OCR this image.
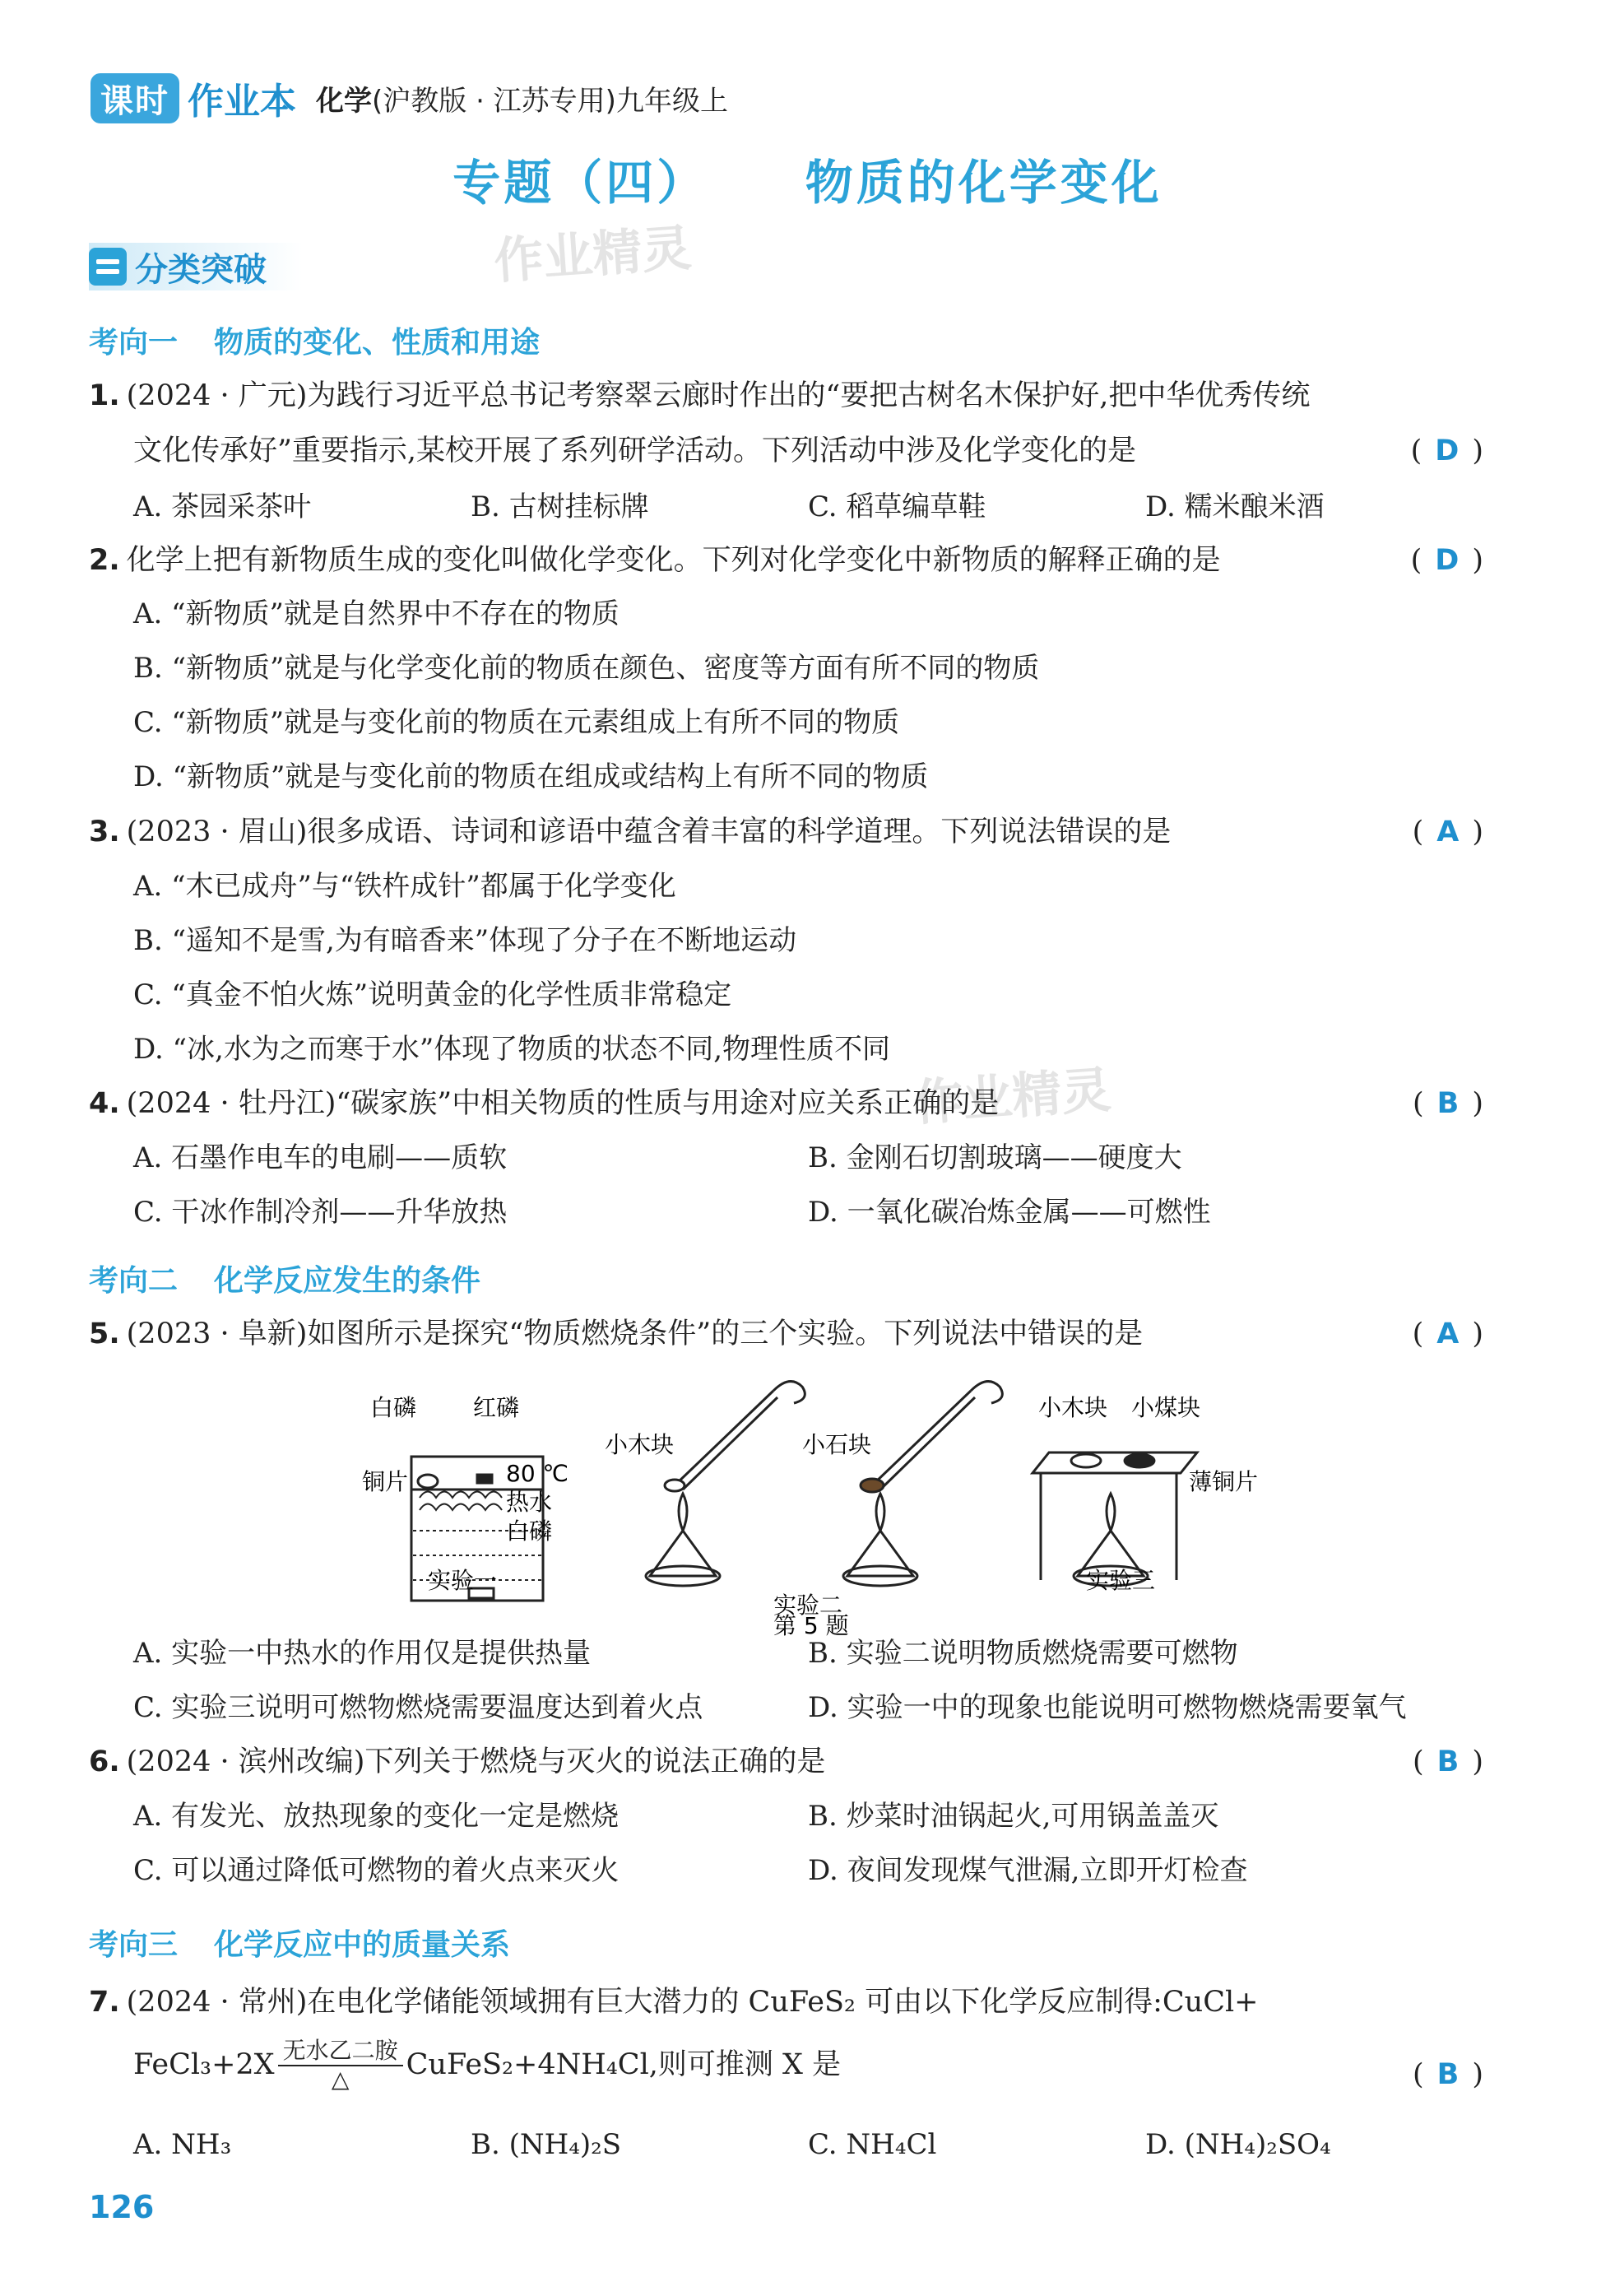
课时 作业本 化学(沪教版 · 江苏专用)九年级上
专题（四） 物质的化学变化
分类突破	作业精灵
作业精灵
考向一 物质的变化、性质和用途
1. (2024 · 广元)为践行习近平总书记考察翠云廊时作出的“要把古树名木保护好,把中华优秀传统
文化传承好”重要指示,某校开展了系列研学活动。下列活动中涉及化学变化的是	( D )
A. 茶园采茶叶	B. 古树挂标牌	C. 稻草编草鞋	D. 糯米酿米酒
2. 化学上把有新物质生成的变化叫做化学变化。下列对化学变化中新物质的解释正确的是	( D )
A. “新物质”就是自然界中不存在的物质
B. “新物质”就是与化学变化前的物质在颜色、密度等方面有所不同的物质
C. “新物质”就是与变化前的物质在元素组成上有所不同的物质
D. “新物质”就是与变化前的物质在组成或结构上有所不同的物质
3. (2023 · 眉山)很多成语、诗词和谚语中蕴含着丰富的科学道理。下列说法错误的是	( A )
A. “木已成舟”与“铁杵成针”都属于化学变化
B. “遥知不是雪,为有暗香来”体现了分子在不断地运动
C. “真金不怕火炼”说明黄金的化学性质非常稳定
D. “冰,水为之而寒于水”体现了物质的状态不同,物理性质不同
4. (2024 · 牡丹江)“碳家族”中相关物质的性质与用途对应关系正确的是	( B )
A. 石墨作电车的电刷——质软	B. 金刚石切割玻璃——硬度大
C. 干冰作制冷剂——升华放热	D. 一氧化碳冶炼金属——可燃性
考向二 化学反应发生的条件
5. (2023 · 阜新)如图所示是探究“物质燃烧条件”的三个实验。下列说法中错误的是	( A )
白磷 红磷
铜片	80 ℃
热水
白磷
实验一
小木块	小石块
实验二
小木块 小煤块
薄铜片
实验三
第 5 题
A. 实验一中热水的作用仅是提供热量	B. 实验二说明物质燃烧需要可燃物
C. 实验三说明可燃物燃烧需要温度达到着火点	D. 实验一中的现象也能说明可燃物燃烧需要氧气
6. (2024 · 滨州改编)下列关于燃烧与灭火的说法正确的是	( B )
A. 有发光、放热现象的变化一定是燃烧	B. 炒菜时油锅起火,可用锅盖盖灭
C. 可以通过降低可燃物的着火点来灭火	D. 夜间发现煤气泄漏,立即开灯检查
考向三 化学反应中的质量关系
7. (2024 · 常州)在电化学储能领域拥有巨大潜力的 CuFeS₂ 可由以下化学反应制得:CuCl+
FeCl₃+2X $\frac{\text{无水乙二胺}}{\triangle}$ CuFeS₂+4NH₄Cl,则可推测 X 是	( B )
A. NH₃	B. (NH₄)₂S	C. NH₄Cl	D. (NH₄)₂SO₄
126
